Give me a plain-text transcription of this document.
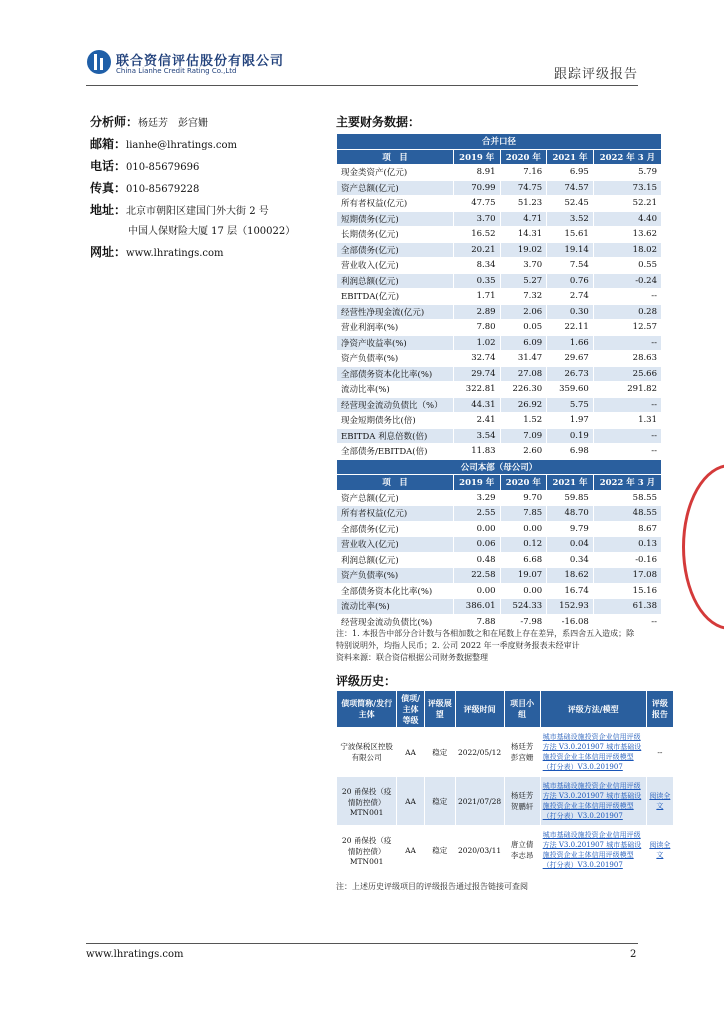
联合资信评估股份有限公司
China Lianhe Credit Rating Co.,Ltd	跟踪评级报告
分析师：杨廷芳　彭宫姗
邮箱：lianhe@lhratings.com
电话：010-85679696
传真：010-85679228
地址：北京市朝阳区建国门外大街 2 号
中国人保财险大厦 17 层（100022）
网址：www.lhratings.com
主要财务数据：
合并口径				
项　目	2019 年	2020 年	2021 年	2022 年 3 月
现金类资产(亿元)	8.91	7.16	6.95	5.79
资产总额(亿元)	70.99	74.75	74.57	73.15
所有者权益(亿元)	47.75	51.23	52.45	52.21
短期债务(亿元)	3.70	4.71	3.52	4.40
长期债务(亿元)	16.52	14.31	15.61	13.62
全部债务(亿元)	20.21	19.02	19.14	18.02
营业收入(亿元)	8.34	3.70	7.54	0.55
利润总额(亿元)	0.35	5.27	0.76	-0.24
EBITDA(亿元)	1.71	7.32	2.74	--
经营性净现金流(亿元)	2.89	2.06	0.30	0.28
营业利润率(%)	7.80	0.05	22.11	12.57
净资产收益率(%)	1.02	6.09	1.66	--
资产负债率(%)	32.74	31.47	29.67	28.63
全部债务资本化比率(%)	29.74	27.08	26.73	25.66
流动比率(%)	322.81	226.30	359.60	291.82
经营现金流动负债比（%）	44.31	26.92	5.75	--
现金短期债务比(倍)	2.41	1.52	1.97	1.31
EBITDA 利息倍数(倍)	3.54	7.09	0.19	--
全部债务/EBITDA(倍)	11.83	2.60	6.98	--
公司本部（母公司）				
项　目	2019 年	2020 年	2021 年	2022 年 3 月
资产总额(亿元)	3.29	9.70	59.85	58.55
所有者权益(亿元)	2.55	7.85	48.70	48.55
全部债务(亿元)	0.00	0.00	9.79	8.67
营业收入(亿元)	0.06	0.12	0.04	0.13
利润总额(亿元)	0.48	6.68	0.34	-0.16
资产负债率(%)	22.58	19.07	18.62	17.08
全部债务资本化比率(%)	0.00	0.00	16.74	15.16
流动比率(%)	386.01	524.33	152.93	61.38
经营现金流动负债比(%)	7.88	-7.98	-16.08	--
注：1. 本报告中部分合计数与各相加数之和在尾数上存在差异，系四舍五入造成；除
特别说明外，均指人民币；2. 公司 2022 年一季度财务报表未经审计
资料来源：联合资信根据公司财务数据整理
评级历史：
债项简称/发行主体	债项/主体等级	评级展望	评级时间	项目小组	评级方法/模型	评级报告
宁波保税区控股有限公司	AA	稳定	2022/05/12	杨廷芳 彭宫姗	城市基础设施投资企业信用评级方法 V3.0.201907 城市基础设施投资企业主体信用评级模型（打分表）V3.0.201907	--
20 甬保投（疫情防控债）MTN001	AA	稳定	2021/07/28	杨廷芳 贺鹏轩	城市基础设施投资企业信用评级方法 V3.0.201907 城市基础设施投资企业主体信用评级模型（打分表）V3.0.201907	阅读全文
20 甬保投（疫情防控债）MTN001	AA	稳定	2020/03/11	唐立倩 李志昂	城市基础设施投资企业信用评级方法 V3.0.201907 城市基础设施投资企业主体信用评级模型（打分表）V3.0.201907	阅读全文
注：上述历史评级项目的评级报告通过报告链接可查阅
www.lhratings.com	2
